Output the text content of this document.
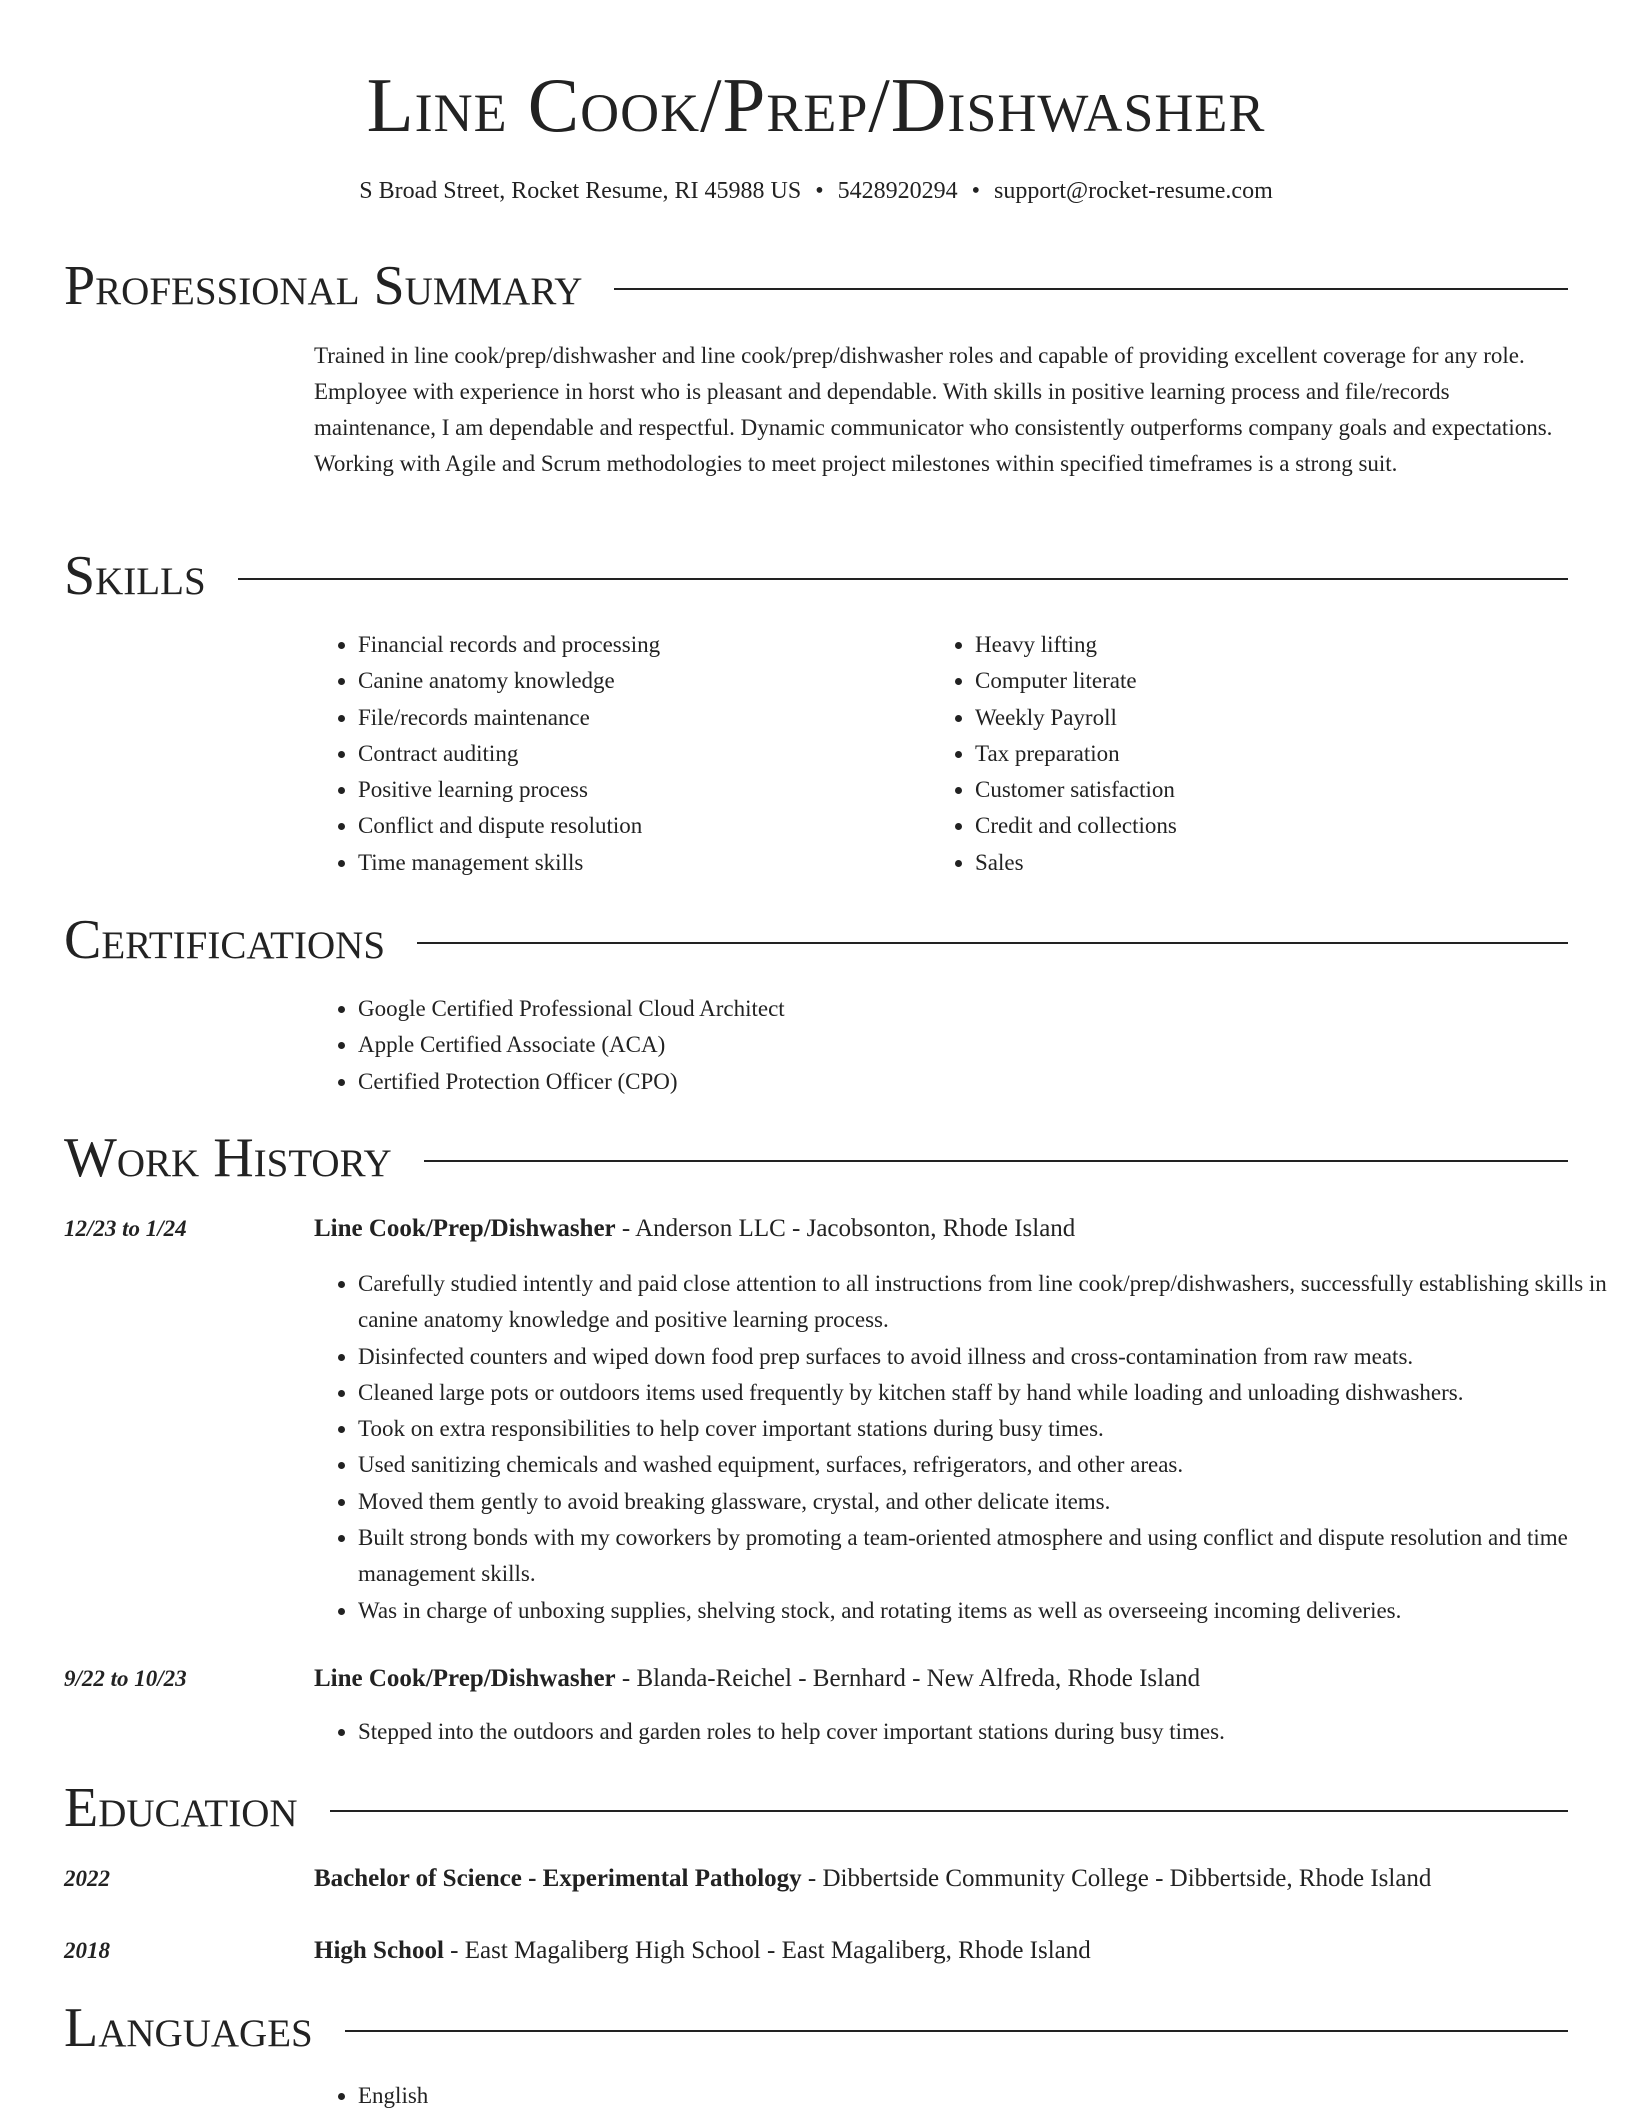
Line Cook/Prep/Dishwasher
S Broad Street, Rocket Resume, RI 45988 US • 5428920294 • support@rocket-resume.com
Professional Summary

Trained in line cook/prep/dishwasher and line cook/prep/dishwasher roles and capable of providing excellent coverage for any role. Employee with experience in horst who is pleasant and dependable. With skills in positive learning process and file/records maintenance, I am dependable and respectful. Dynamic communicator who consistently outperforms company goals and expectations. Working with Agile and Scrum methodologies to meet project milestones within specified timeframes is a strong suit.

Skills
• Financial records and processing
• Canine anatomy knowledge
• File/records maintenance
• Contract auditing
• Positive learning process
• Conflict and dispute resolution
• Time management skills
• Heavy lifting
• Computer literate
• Weekly Payroll
• Tax preparation
• Customer satisfaction
• Credit and collections
• Sales
Certifications
• Google Certified Professional Cloud Architect
• Apple Certified Associate (ACA)
• Certified Protection Officer (CPO)
Work History
12/23 to 1/24	Line Cook/Prep/Dishwasher - Anderson LLC - Jacobsonton, Rhode Island
• Carefully studied intently and paid close attention to all instructions from line cook/prep/dishwashers, successfully establishing skills in canine anatomy knowledge and positive learning process.
• Disinfected counters and wiped down food prep surfaces to avoid illness and cross-contamination from raw meats.
• Cleaned large pots or outdoors items used frequently by kitchen staff by hand while loading and unloading dishwashers.
• Took on extra responsibilities to help cover important stations during busy times.
• Used sanitizing chemicals and washed equipment, surfaces, refrigerators, and other areas.
• Moved them gently to avoid breaking glassware, crystal, and other delicate items.
• Built strong bonds with my coworkers by promoting a team-oriented atmosphere and using conflict and dispute resolution and time management skills.
• Was in charge of unboxing supplies, shelving stock, and rotating items as well as overseeing incoming deliveries.
9/22 to 10/23	Line Cook/Prep/Dishwasher - Blanda-Reichel - Bernhard - New Alfreda, Rhode Island
• Stepped into the outdoors and garden roles to help cover important stations during busy times.
Education
2022	Bachelor of Science - Experimental Pathology - Dibbertside Community College - Dibbertside, Rhode Island
2018	High School - East Magaliberg High School - East Magaliberg, Rhode Island
Languages
• English
